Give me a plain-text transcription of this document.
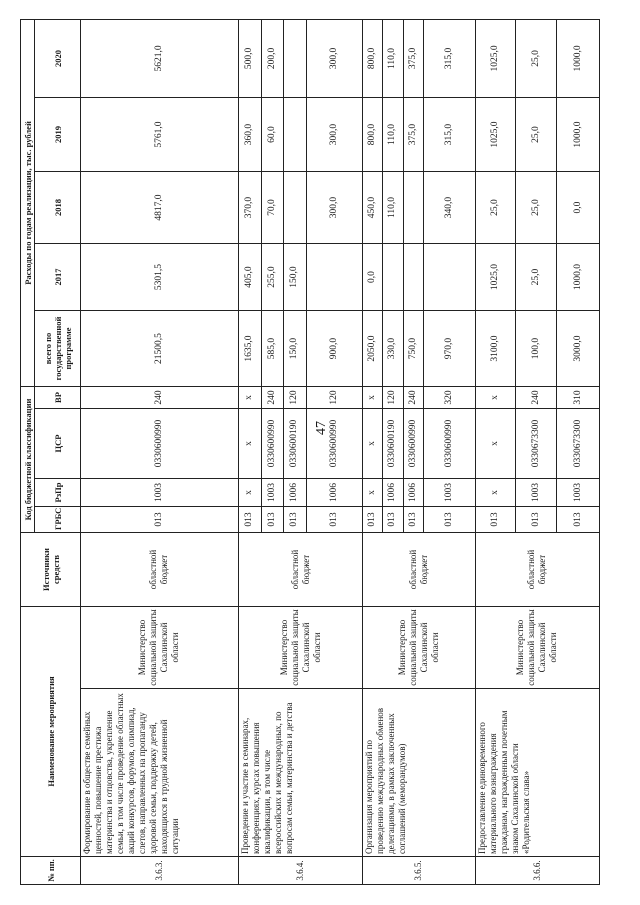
47
№ пп.	Наименование мероприятия		Источники средств	Код бюджетной классификации				Расходы по годам реализации, тыс. рублей				
				ГРБС	РзПр	ЦСР	ВР	всего по государственной программе	2017	2018	2019	2020
3.6.3.	Формирование в обществе семейных ценностей, повышение престижа материнства и отцовства, укрепление семьи, в том числе проведение областных акций конкурсов, форумов, олимпиад, слетов, направленных на пропаганду здоровой семьи, поддержку детей, находящихся в трудной жизненной ситуации	Министерство социальной защиты Сахалинской области	областной бюджет	013	1003	0330600990	240	21500,5	5301,5	4817,0	5761,0	5621,0
3.6.4.	Проведение и участие в семинарах, конференциях, курсах повышения квалификации, в том числе всероссийских и международных, по вопросам семьи, материнства и детства	Министерство социальной защиты Сахалинской области	областной бюджет	013	х	х	х	1635,0	405,0	370,0	360,0	500,0
				013	1003	0330600990	240	585,0	255,0	70,0	60,0	200,0
				013	1006	0330600190	120	150,0	150,0			
				013	1006	0330600990	120	900,0		300,0	300,0	300,0
3.6.5.	Организация мероприятий по проведению международных обменов делегациями, в рамках заключенных соглашений (меморандумов)	Министерство социальной защиты Сахалинской области	областной бюджет	013	х	х	х	2050,0	0,0	450,0	800,0	800,0
				013	1006	0330600190	120	330,0		110,0	110,0	110,0
				013	1006	0330600990	240	750,0			375,0	375,0
				013	1003	0330600990	320	970,0		340,0	315,0	315,0
3.6.6.	Предоставление единовременного материального вознаграждения гражданам, награжденным почетным знаком Сахалинской области «Родительская слава»	Министерство социальной защиты Сахалинской области	областной бюджет	013	х	х	х	3100,0	1025,0	25,0	1025,0	1025,0
				013	1003	0330673300	240	100,0	25,0	25,0	25,0	25,0
				013	1003	0330673300	310	3000,0	1000,0	0,0	1000,0	1000,0
